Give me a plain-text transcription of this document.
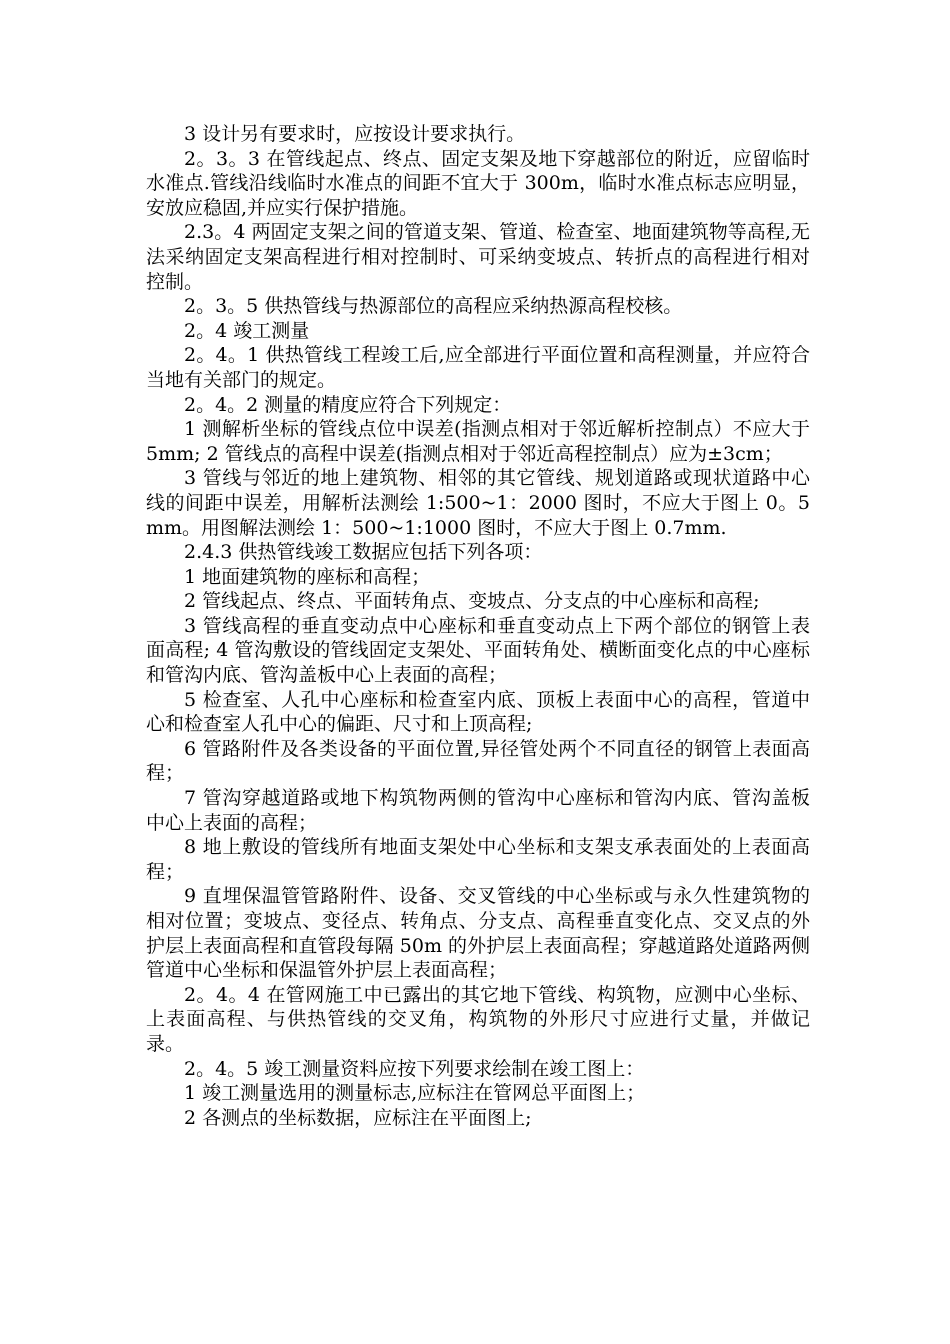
3 设计另有要求时，应按设计要求执行。

2。3。3 在管线起点、终点、固定支架及地下穿越部位的附近，应留临时水准点.管线沿线临时水准点的间距不宜大于 300m，临时水准点标志应明显，安放应稳固,并应实行保护措施。

2.3。4 两固定支架之间的管道支架、管道、检查室、地面建筑物等高程,无法采纳固定支架高程进行相对控制时、可采纳变坡点、转折点的高程进行相对控制。

2。3。5 供热管线与热源部位的高程应采纳热源高程校核。

2。4 竣工测量

2。4。1 供热管线工程竣工后,应全部进行平面位置和高程测量，并应符合当地有关部门的规定。

2。4。2 测量的精度应符合下列规定：

1 测解析坐标的管线点位中误差(指测点相对于邻近解析控制点）不应大于 5mm; 2 管线点的高程中误差(指测点相对于邻近高程控制点）应为±3cm；

3 管线与邻近的地上建筑物、相邻的其它管线、规划道路或现状道路中心线的间距中误差，用解析法测绘 1:500~1：2000 图时，不应大于图上 0。5mm。用图解法测绘 1：500~1:1000 图时，不应大于图上 0.7mm.

2.4.3 供热管线竣工数据应包括下列各项：

1 地面建筑物的座标和高程；

2 管线起点、终点、平面转角点、变坡点、分支点的中心座标和高程;

3 管线高程的垂直变动点中心座标和垂直变动点上下两个部位的钢管上表面高程; 4 管沟敷设的管线固定支架处、平面转角处、横断面变化点的中心座标和管沟内底、管沟盖板中心上表面的高程；

5 检查室、人孔中心座标和检查室内底、顶板上表面中心的高程，管道中心和检查室人孔中心的偏距、尺寸和上顶高程;

6 管路附件及各类设备的平面位置,异径管处两个不同直径的钢管上表面高程；

7 管沟穿越道路或地下构筑物两侧的管沟中心座标和管沟内底、管沟盖板中心上表面的高程；

8 地上敷设的管线所有地面支架处中心坐标和支架支承表面处的上表面高程；

9 直埋保温管管路附件、设备、交叉管线的中心坐标或与永久性建筑物的相对位置；变坡点、变径点、转角点、分支点、高程垂直变化点、交叉点的外护层上表面高程和直管段每隔 50m 的外护层上表面高程；穿越道路处道路两侧管道中心坐标和保温管外护层上表面高程；

2。4。4 在管网施工中已露出的其它地下管线、构筑物，应测中心坐标、上表面高程、与供热管线的交叉角，构筑物的外形尺寸应进行丈量，并做记录。

2。4。5 竣工测量资料应按下列要求绘制在竣工图上：

1 竣工测量选用的测量标志,应标注在管网总平面图上；

2 各测点的坐标数据，应标注在平面图上;
